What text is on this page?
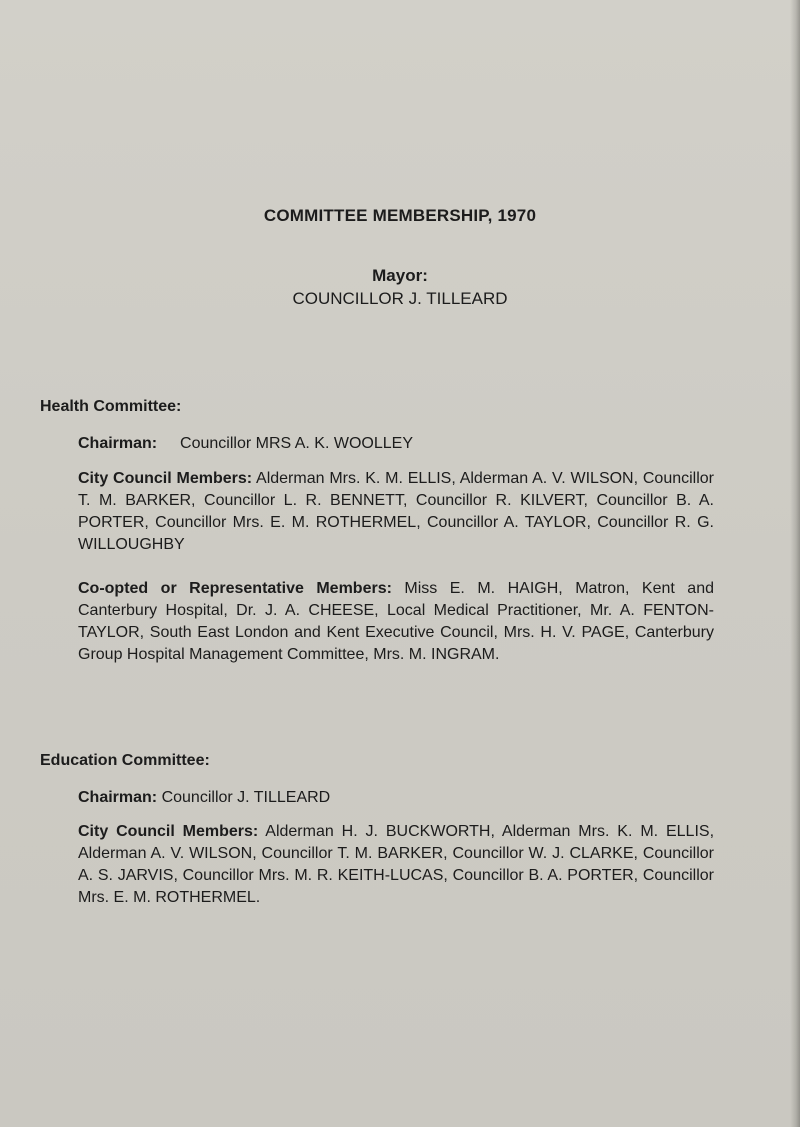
COMMITTEE MEMBERSHIP, 1970
Mayor:
COUNCILLOR J. TILLEARD
Health Committee:
Chairman: Councillor MRS A. K. WOOLLEY
City Council Members: Alderman Mrs. K. M. ELLIS, Alderman A. V. WILSON, Councillor T. M. BARKER, Councillor L. R. BENNETT, Councillor R. KILVERT, Councillor B. A. PORTER, Councillor Mrs. E. M. ROTHERMEL, Councillor A. TAYLOR, Councillor R. G. WILLOUGHBY
Co-opted or Representative Members: Miss E. M. HAIGH, Matron, Kent and Canterbury Hospital, Dr. J. A. CHEESE, Local Medical Practitioner, Mr. A. FENTON-TAYLOR, South East London and Kent Executive Council, Mrs. H. V. PAGE, Canterbury Group Hospital Management Committee, Mrs. M. INGRAM.
Education Committee:
Chairman: Councillor J. TILLEARD
City Council Members: Alderman H. J. BUCKWORTH, Alderman Mrs. K. M. ELLIS, Alderman A. V. WILSON, Councillor T. M. BARKER, Councillor W. J. CLARKE, Councillor A. S. JARVIS, Councillor Mrs. M. R. KEITH-LUCAS, Councillor B. A. PORTER, Councillor Mrs. E. M. ROTHERMEL.
